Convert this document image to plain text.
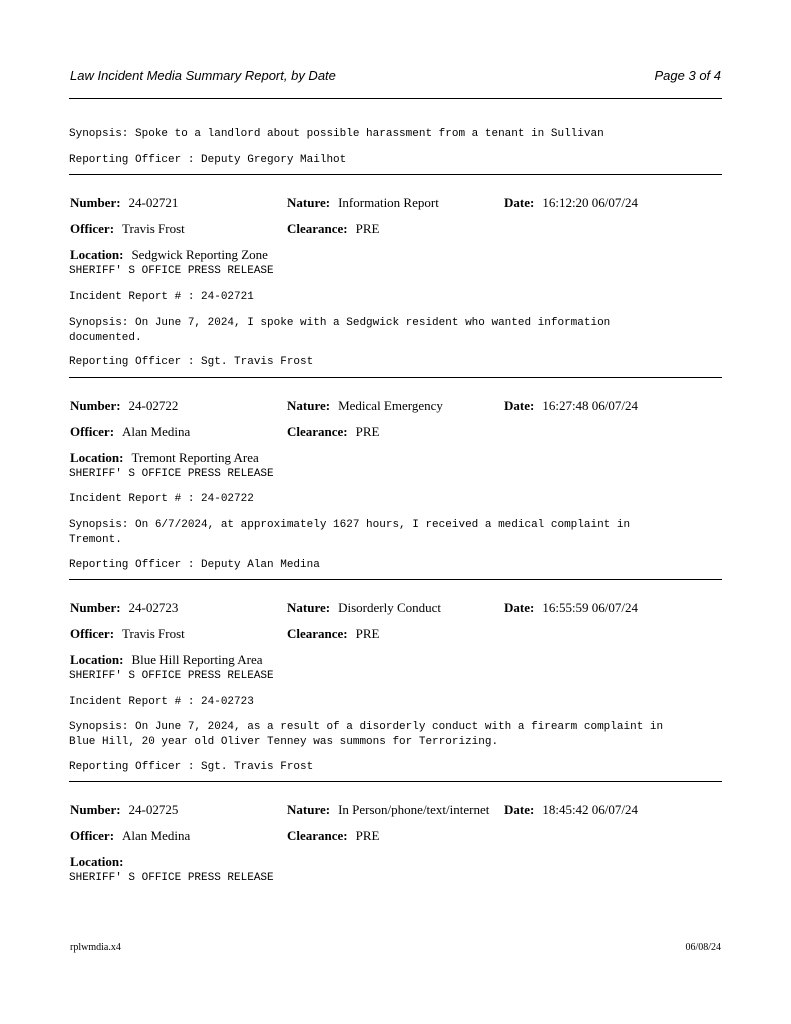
Law Incident Media Summary Report, by Date	Page 3 of 4
Synopsis: Spoke to a landlord about possible harassment from a tenant in Sullivan
Reporting Officer : Deputy Gregory Mailhot
Number: 24-02721	Nature: Information Report	Date: 16:12:20 06/07/24
Officer: Travis Frost	Clearance: PRE
Location: Sedgwick Reporting Zone
SHERIFF' S OFFICE PRESS RELEASE
Incident Report # : 24-02721
Synopsis: On June 7, 2024, I spoke with a Sedgwick resident who wanted information
documented.
Reporting Officer : Sgt. Travis Frost
Number: 24-02722	Nature: Medical Emergency	Date: 16:27:48 06/07/24
Officer: Alan Medina	Clearance: PRE
Location: Tremont Reporting Area
SHERIFF' S OFFICE PRESS RELEASE
Incident Report # : 24-02722
Synopsis: On 6/7/2024, at approximately 1627 hours, I received a medical complaint in
Tremont.
Reporting Officer : Deputy Alan Medina
Number: 24-02723	Nature: Disorderly Conduct	Date: 16:55:59 06/07/24
Officer: Travis Frost	Clearance: PRE
Location: Blue Hill Reporting Area
SHERIFF' S OFFICE PRESS RELEASE
Incident Report # : 24-02723
Synopsis: On June 7, 2024, as a result of a disorderly conduct with a firearm complaint in
Blue Hill, 20 year old Oliver Tenney was summons for Terrorizing.
Reporting Officer : Sgt. Travis Frost
Number: 24-02725	Nature: In Person/phone/text/internet Date: 18:45:42 06/07/24
Officer: Alan Medina	Clearance: PRE
Location:
SHERIFF' S OFFICE PRESS RELEASE
rplwmdia.x4	06/08/24
